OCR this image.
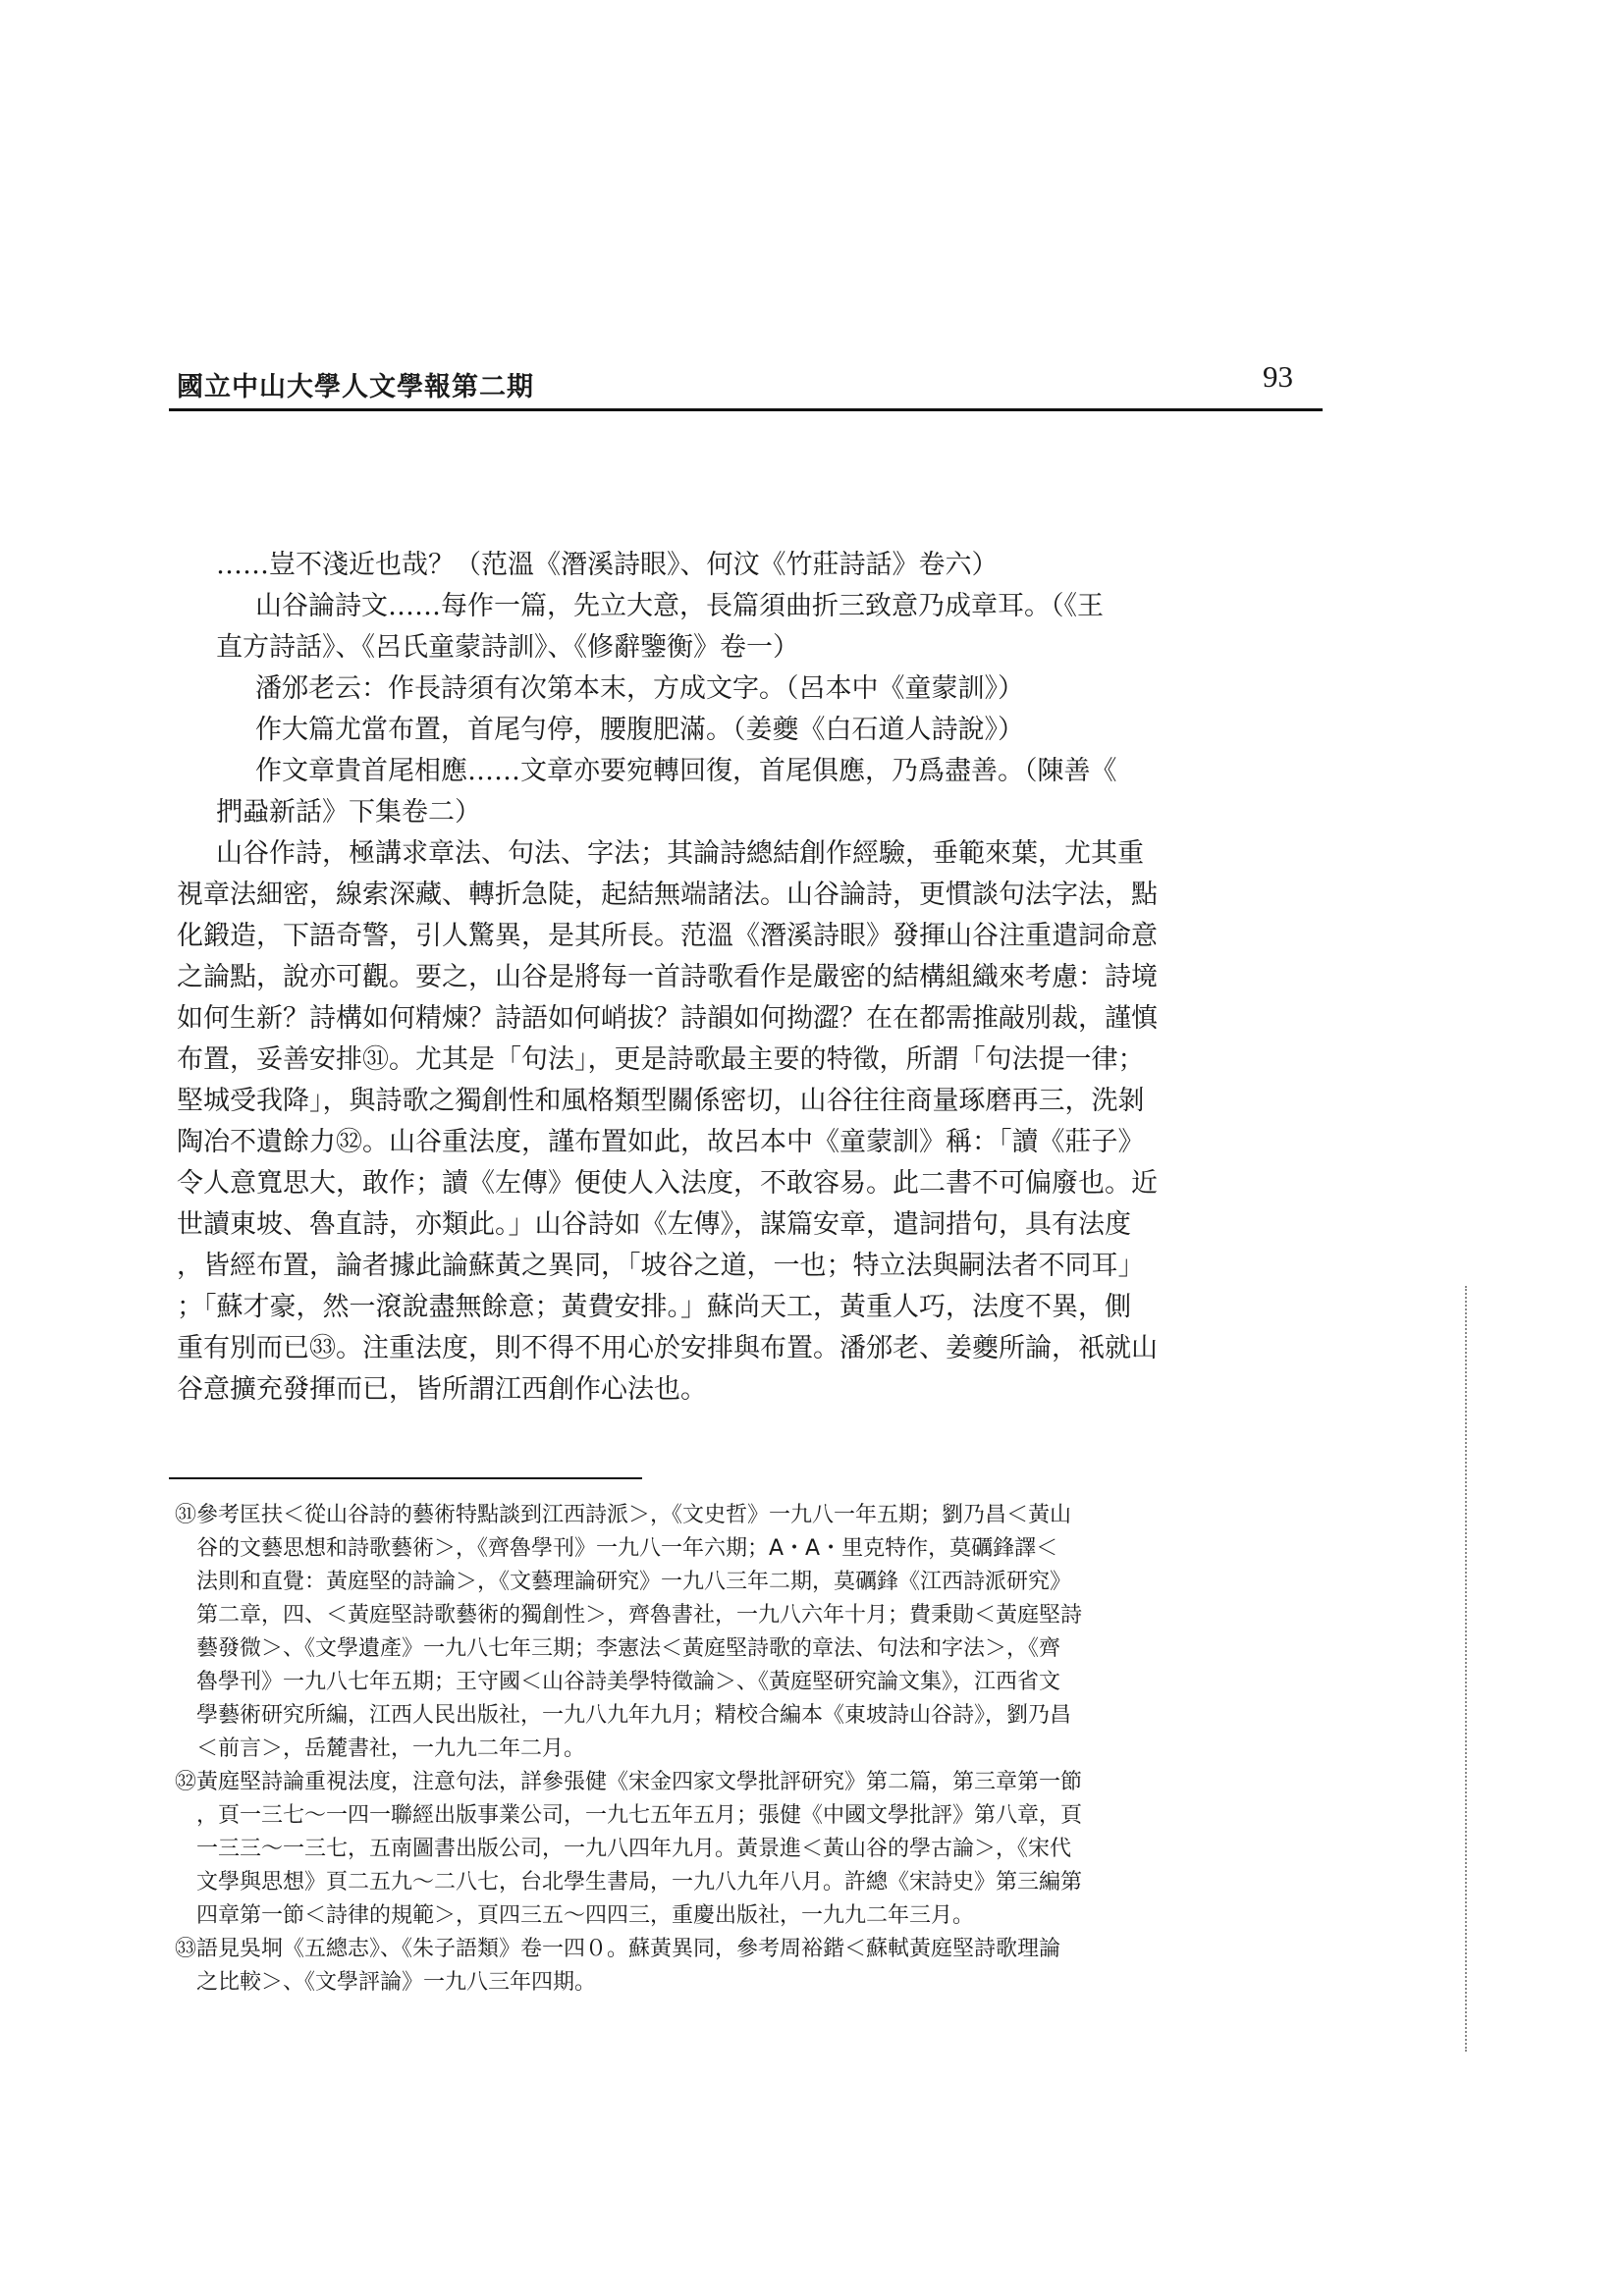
國立中山大學人文學報第二期	93
……豈不淺近也哉？（范溫《潛溪詩眼》、何汶《竹莊詩話》卷六）
山谷論詩文……每作一篇，先立大意，長篇須曲折三致意乃成章耳。（《王
直方詩話》、《呂氏童蒙詩訓》、《修辭鑒衡》卷一）
潘邠老云：作長詩須有次第本末，方成文字。（呂本中《童蒙訓》）
作大篇尤當布置，首尾勻停，腰腹肥滿。（姜夔《白石道人詩說》）
作文章貴首尾相應……文章亦要宛轉回復，首尾俱應，乃爲盡善。（陳善《
捫蝨新話》下集卷二）
山谷作詩，極講求章法、句法、字法；其論詩總結創作經驗，垂範來葉，尤其重
視章法細密，線索深藏、轉折急陡，起結無端諸法。山谷論詩，更慣談句法字法，點
化鍛造，下語奇警，引人驚異，是其所長。范溫《潛溪詩眼》發揮山谷注重遣詞命意
之論點，說亦可觀。要之，山谷是將每一首詩歌看作是嚴密的結構組織來考慮：詩境
如何生新？詩構如何精煉？詩語如何峭拔？詩韻如何拗澀？在在都需推敲別裁，謹慎
布置，妥善安排㉛。尤其是「句法」，更是詩歌最主要的特徵，所謂「句法提一律；
堅城受我降」，與詩歌之獨創性和風格類型關係密切，山谷往往商量琢磨再三，洗剝
陶冶不遺餘力㉜。山谷重法度，謹布置如此，故呂本中《童蒙訓》稱：「讀《莊子》
令人意寬思大，敢作；讀《左傳》便使人入法度，不敢容易。此二書不可偏廢也。近
世讀東坡、魯直詩，亦類此。」山谷詩如《左傳》，謀篇安章，遣詞措句，具有法度
，皆經布置，論者據此論蘇黃之異同，「坡谷之道，一也；特立法與嗣法者不同耳」
；「蘇才豪，然一滾說盡無餘意；黃費安排。」蘇尚天工，黃重人巧，法度不異，側
重有別而已㉝。注重法度，則不得不用心於安排與布置。潘邠老、姜夔所論，祇就山
谷意擴充發揮而已，皆所謂江西創作心法也。
㉛參考匡扶＜從山谷詩的藝術特點談到江西詩派＞，《文史哲》一九八一年五期；劉乃昌＜黃山
谷的文藝思想和詩歌藝術＞，《齊魯學刊》一九八一年六期；A・A・里克特作，莫礪鋒譯＜
法則和直覺：黃庭堅的詩論＞，《文藝理論研究》一九八三年二期，莫礪鋒《江西詩派研究》
第二章，四、＜黃庭堅詩歌藝術的獨創性＞，齊魯書社，一九八六年十月；費秉勛＜黃庭堅詩
藝發微＞、《文學遺產》一九八七年三期；李憲法＜黃庭堅詩歌的章法、句法和字法＞，《齊
魯學刊》一九八七年五期；王守國＜山谷詩美學特徵論＞、《黃庭堅研究論文集》，江西省文
學藝術研究所編，江西人民出版社，一九八九年九月；精校合編本《東坡詩山谷詩》，劉乃昌
＜前言＞，岳麓書社，一九九二年二月。
㉜黃庭堅詩論重視法度，注意句法，詳參張健《宋金四家文學批評研究》第二篇，第三章第一節
，頁一三七～一四一聯經出版事業公司，一九七五年五月；張健《中國文學批評》第八章，頁
一三三～一三七，五南圖書出版公司，一九八四年九月。黃景進＜黃山谷的學古論＞，《宋代
文學與思想》頁二五九～二八七，台北學生書局，一九八九年八月。許總《宋詩史》第三編第
四章第一節＜詩律的規範＞，頁四三五～四四三，重慶出版社，一九九二年三月。
㉝語見吳坰《五總志》、《朱子語類》卷一四０。蘇黃異同，參考周裕鍇＜蘇軾黃庭堅詩歌理論
之比較＞、《文學評論》一九八三年四期。
